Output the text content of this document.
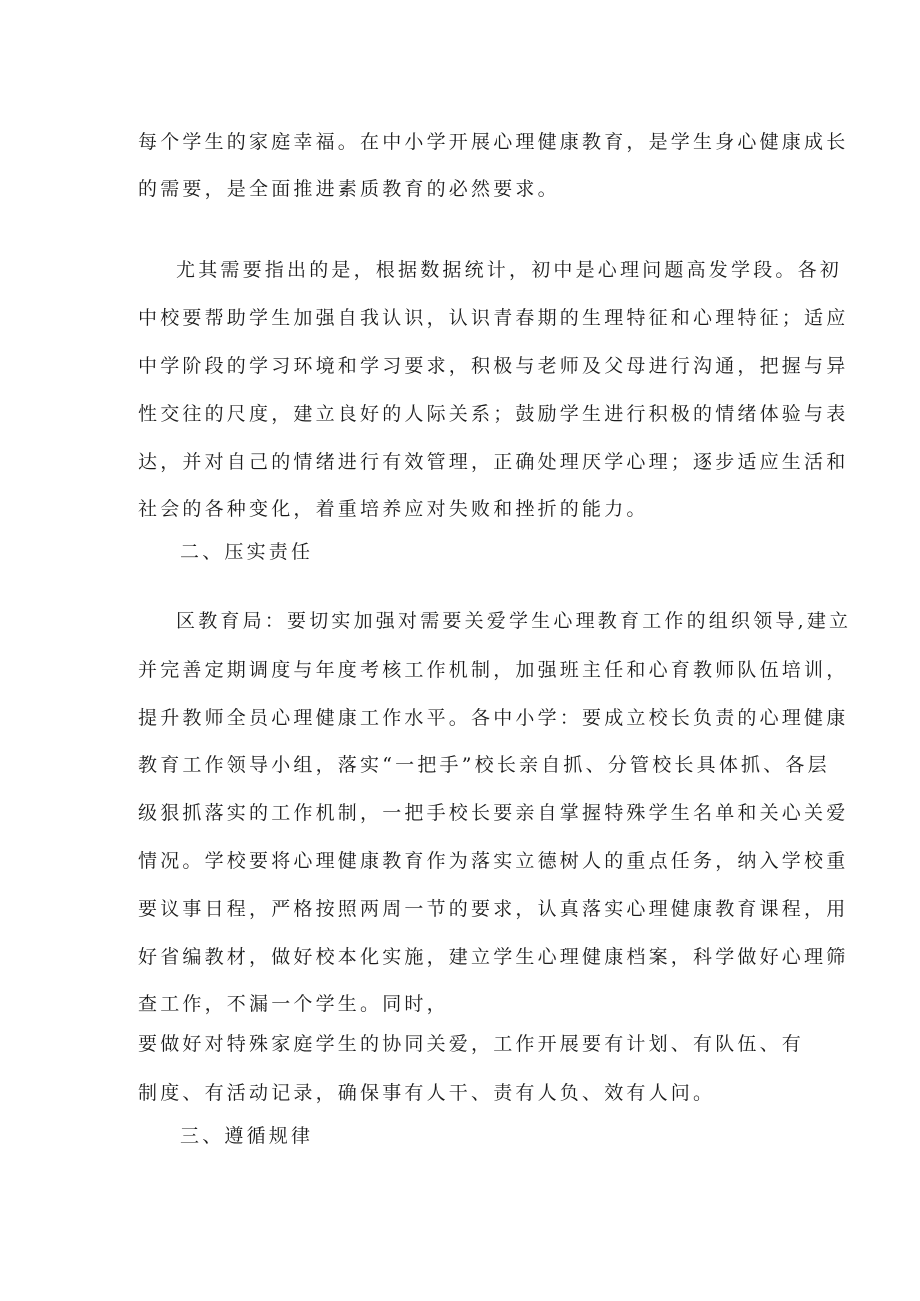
每个学生的家庭幸福。在中小学开展心理健康教育，是学生身心健康成长
的需要，是全面推进素质教育的必然要求。
尤其需要指出的是，根据数据统计，初中是心理问题高发学段。各初
中校要帮助学生加强自我认识，认识青春期的生理特征和心理特征；适应
中学阶段的学习环境和学习要求，积极与老师及父母进行沟通，把握与异
性交往的尺度，建立良好的人际关系；鼓励学生进行积极的情绪体验与表
达，并对自己的情绪进行有效管理，正确处理厌学心理；逐步适应生活和
社会的各种变化，着重培养应对失败和挫折的能力。
二、压实责任
区教育局：要切实加强对需要关爱学生心理教育工作的组织领导,建立
并完善定期调度与年度考核工作机制，加强班主任和心育教师队伍培训，
提升教师全员心理健康工作水平。各中小学：要成立校长负责的心理健康
教育工作领导小组，落实“一把手”校长亲自抓、分管校长具体抓、各层
级狠抓落实的工作机制，一把手校长要亲自掌握特殊学生名单和关心关爱
情况。学校要将心理健康教育作为落实立德树人的重点任务，纳入学校重
要议事日程，严格按照两周一节的要求，认真落实心理健康教育课程，用
好省编教材，做好校本化实施，建立学生心理健康档案，科学做好心理筛
查工作，不漏一个学生。同时，
要做好对特殊家庭学生的协同关爱，工作开展要有计划、有队伍、有
制度、有活动记录，确保事有人干、责有人负、效有人问。
三、遵循规律
